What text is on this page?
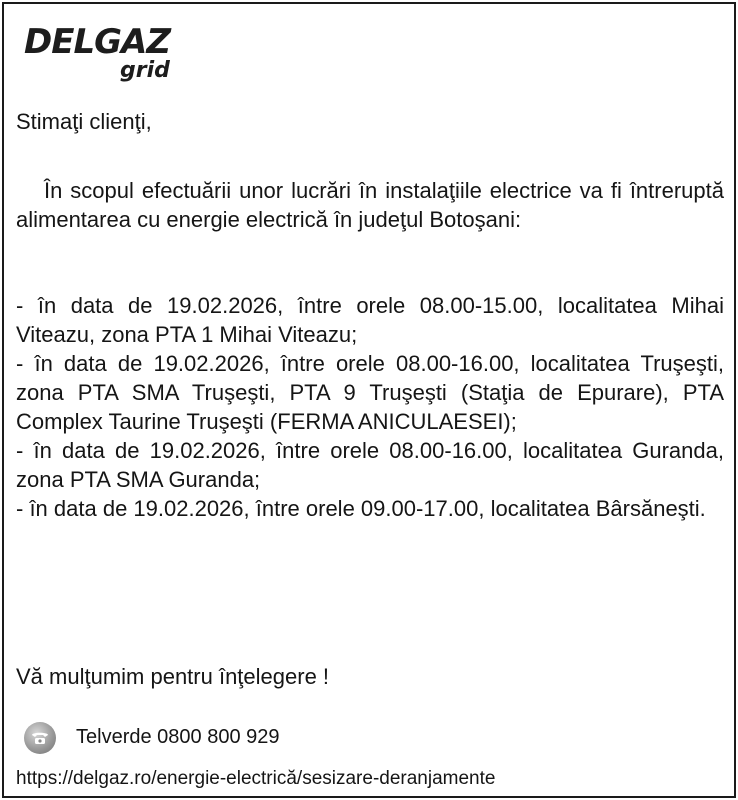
DELGAZ
grid
Stimaţi clienţi,
În scopul efectuării unor lucrări în instalaţiile electrice va fi întreruptă alimentarea cu energie electrică în judeţul Botoşani:

- în data de 19.02.2026, între orele 08.00-15.00, localitatea Mihai Viteazu, zona PTA 1 Mihai Viteazu;

- în data de 19.02.2026, între orele 08.00-16.00, localitatea Truşeşti, zona PTA SMA Truşeşti, PTA 9 Truşeşti (Staţia de Epurare), PTA Complex Taurine Truşeşti (FERMA ANICULAESEI);

- în data de 19.02.2026, între orele 08.00-16.00, localitatea Guranda, zona PTA SMA Guranda;

- în data de 19.02.2026, între orele 09.00-17.00, localitatea Bârsăneşti.

Vă mulţumim pentru înţelegere !
Telverde 0800 800 929
https://delgaz.ro/energie-electrică/sesizare-deranjamente
